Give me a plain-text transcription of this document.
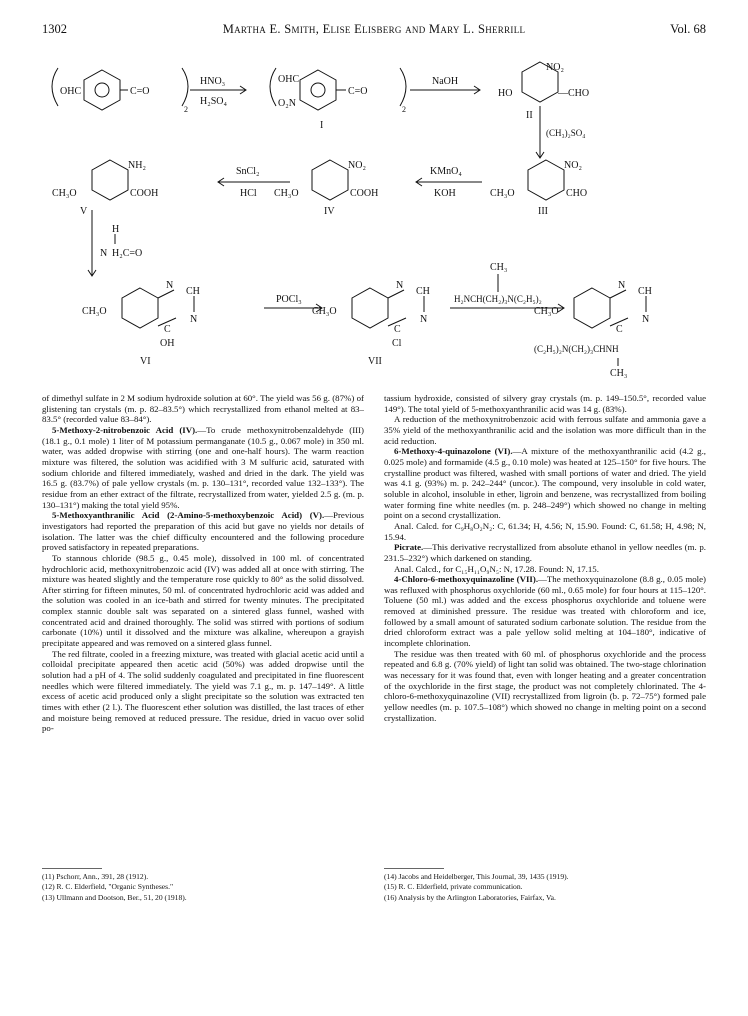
1302	Martha E. Smith, Elise Elisberg and Mary L. Sherrill	Vol. 68
OHC	C=O
2
HNO₃
H₂SO₄
OHC
O₂N
C=O
2
I
NaOH
NO₂
HO	—CHO
II
(CH₃)₂SO₄
NH₂
CH₃O	COOH
V
SnCl₂
HCl
NO₂
CH₃O	COOH
IV
KMnO₄
KOH
NO₂
CH₃O	CHO
III
H
N H₂C=O
N
CH
CH₃O
C
N
OH
VI
POCl₃
N
CH
CH₃O
C
N
Cl
VII
CH₃
H₂NCH(CH₂)₃N(C₂H₅)₂
N
CH
CH₃O
C
N
(C₂H₅)₂N(CH₂)₃CHNH
CH₃

of dimethyl sulfate in 2 M sodium hydroxide solution at 60°. The yield was 56 g. (87%) of glistening tan crystals (m. p. 82–83.5°) which recrystallized from ethanol melted at 83–83.5° (recorded value 83–84°).

5-Methoxy-2-nitrobenzoic Acid (IV).—To crude methoxynitrobenzaldehyde (III) (18.1 g., 0.1 mole) 1 liter of M potassium permanganate (10.5 g., 0.067 mole) in 350 ml. water, was added dropwise with stirring (one and one-half hours). The warm reaction mixture was filtered, the solution was acidified with 3 M sulfuric acid, saturated with sodium chloride and filtered immediately, washed and dried in the dark. The yield was 16.5 g. (83.7%) of pale yellow crystals (m. p. 130–131°, recorded value 132–133°). The residue from an ether extract of the filtrate, recrystallized from water, yielded 2.5 g. (m. p. 130–131°) making the total yield 95%.

5-Methoxyanthranilic Acid (2-Amino-5-methoxybenzoic Acid) (V).—Previous investigators had reported the preparation of this acid but gave no yields nor details of isolation. The latter was the chief difficulty encountered and the following procedure proved satisfactory in repeated preparations.

To stannous chloride (98.5 g., 0.45 mole), dissolved in 100 ml. of concentrated hydrochloric acid, methoxynitrobenzoic acid (IV) was added all at once with stirring. The mixture was heated slightly and the temperature rose quickly to 80° as the solid dissolved. After stirring for fifteen minutes, 50 ml. of concentrated hydrochloric acid was added and the solution was cooled in an ice-bath and stirred for twenty minutes. The precipitated complex stannic double salt was separated on a sintered glass funnel, washed with concentrated acid and drained thoroughly. The solid was stirred with portions of sodium carbonate (10%) until it dissolved and the mixture was alkaline, whereupon a grayish precipitate appeared and was removed on a sintered glass funnel.

The red filtrate, cooled in a freezing mixture, was treated with glacial acetic acid until a colloidal precipitate appeared then acetic acid (50%) was added dropwise until the solution had a pH of 4. The solid suddenly coagulated and precipitated in fine fluorescent needles which were filtered immediately. The yield was 7.1 g., m. p. 147–149°. A little excess of acetic acid produced only a slight precipitate so the solution was extracted ten times with ether (2 l.). The fluorescent ether solution was distilled, the last traces of ether and moisture being removed at reduced pressure. The residue, dried in vacuo over solid po-

tassium hydroxide, consisted of silvery gray crystals (m. p. 149–150.5°, recorded value 149°). The total yield of 5-methoxyanthranilic acid was 14 g. (83%).

A reduction of the methoxynitrobenzoic acid with ferrous sulfate and ammonia gave a 35% yield of the methoxyanthranilic acid and the isolation was more difficult than in the acid reduction.

6-Methoxy-4-quinazolone (VI).—A mixture of the methoxyanthranilic acid (4.2 g., 0.025 mole) and formamide (4.5 g., 0.10 mole) was heated at 125–150° for five hours. The crystalline product was filtered, washed with small portions of water and dried. The yield was 4.1 g. (93%) m. p. 242–244° (uncor.). The compound, very insoluble in cold water, soluble in alcohol, insoluble in ether, ligroin and benzene, was recrystallized from boiling water forming fine white needles (m. p. 248–249°) which showed no change in melting point on a second crystallization.

Anal. Calcd. for C₉H₈O₂N₂: C, 61.34; H, 4.56; N, 15.90. Found: C, 61.58; H, 4.98; N, 15.94.

Picrate.—This derivative recrystallized from absolute ethanol in yellow needles (m. p. 231.5–232°) which darkened on standing.

Anal. Calcd., for C₁₅H₁₁O₉N₅: N, 17.28. Found: N, 17.15.

4-Chloro-6-methoxyquinazoline (VII).—The methoxyquinazolone (8.8 g., 0.05 mole) was refluxed with phosphorus oxychloride (60 ml., 0.65 mole) for four hours at 115–120°. Toluene (50 ml.) was added and the excess phosphorus oxychloride and toluene were removed at diminished pressure. The residue was treated with chloroform and ice, followed by a small amount of saturated sodium carbonate solution. The residue from the dried chloroform extract was a pale yellow solid melting at 104–180°, indicative of incomplete chlorination.

The residue was then treated with 60 ml. of phosphorus oxychloride and the process repeated and 6.8 g. (70% yield) of light tan solid was obtained. The two-stage chlorination was necessary for it was found that, even with longer heating and a greater concentration of the oxychloride in the first stage, the product was not completely chlorinated. The 4-chloro-6-methoxyquinazoline (VII) recrystallized from ligroin (b. p. 72–75°) formed pale yellow needles (m. p. 107.5–108°) which showed no change in melting point on a second crystallization.

(11) Pschorr, Ann., 391, 28 (1912).

(12) R. C. Elderfield, "Organic Syntheses."

(13) Ullmann and Dootson, Ber., 51, 20 (1918).

(14) Jacobs and Heidelberger, This Journal, 39, 1435 (1919).

(15) R. C. Elderfield, private communication.

(16) Analysis by the Arlington Laboratories, Fairfax, Va.
